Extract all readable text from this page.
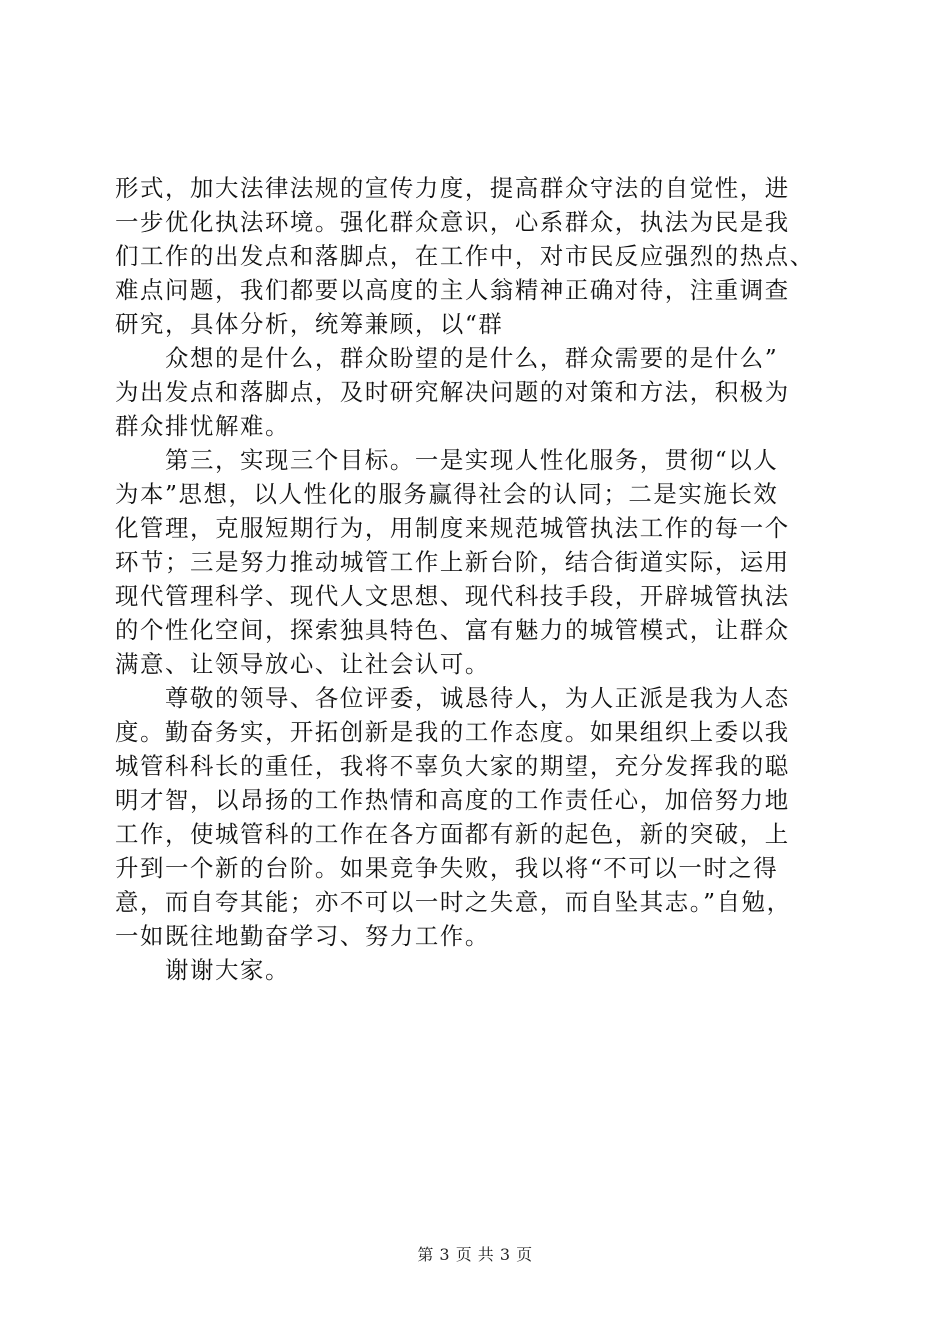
形式，加大法律法规的宣传力度，提高群众守法的自觉性，进
一步优化执法环境。强化群众意识，心系群众，执法为民是我
们工作的出发点和落脚点，在工作中，对市民反应强烈的热点、
难点问题，我们都要以高度的主人翁精神正确对待，注重调查
研究，具体分析，统筹兼顾，以“群
　　众想的是什么，群众盼望的是什么，群众需要的是什么”
为出发点和落脚点，及时研究解决问题的对策和方法，积极为
群众排忧解难。
　　第三，实现三个目标。一是实现人性化服务，贯彻“以人
为本”思想，以人性化的服务赢得社会的认同；二是实施长效
化管理，克服短期行为，用制度来规范城管执法工作的每一个
环节；三是努力推动城管工作上新台阶，结合街道实际，运用
现代管理科学、现代人文思想、现代科技手段，开辟城管执法
的个性化空间，探索独具特色、富有魅力的城管模式，让群众
满意、让领导放心、让社会认可。
　　尊敬的领导、各位评委，诚恳待人，为人正派是我为人态
度。勤奋务实，开拓创新是我的工作态度。如果组织上委以我
城管科科长的重任，我将不辜负大家的期望，充分发挥我的聪
明才智，以昂扬的工作热情和高度的工作责任心，加倍努力地
工作，使城管科的工作在各方面都有新的起色，新的突破，上
升到一个新的台阶。如果竞争失败，我以将“不可以一时之得
意，而自夸其能；亦不可以一时之失意，而自坠其志。”自勉，
一如既往地勤奋学习、努力工作。
　　谢谢大家。
第 3 页 共 3 页
